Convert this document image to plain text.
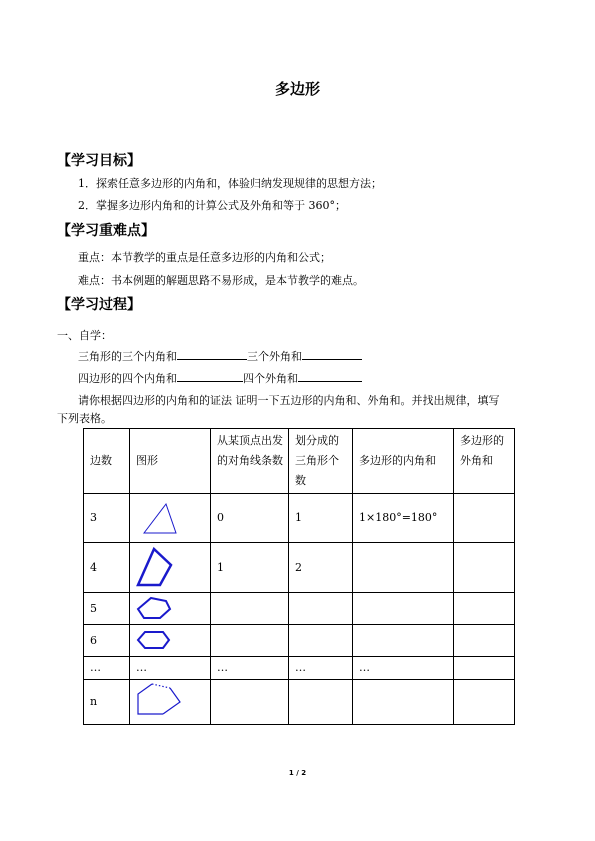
多边形
【学习目标】
1．探索任意多边形的内角和，体验归纳发现规律的思想方法；
2．掌握多边形内角和的计算公式及外角和等于 360°；
【学习重难点】
重点：本节教学的重点是任意多边形的内角和公式；
难点：书本例题的解题思路不易形成，是本节教学的难点。
【学习过程】
一、自学：
三角形的三个内角和	三个外角和
四边形的四个内角和	四个外角和
请你根据四边形的内角和的证法 证明一下五边形的内角和、外角和。并找出规律，填写
下列表格。
边数	图形	从某顶点出发的对角线条数	划分成的三角形个数	多边形的内角和	多边形的外角和

3		0	1	1×180°=180°	
4		1	2		
5	

6	

…	…	…	…	…	
n	

1 / 2
